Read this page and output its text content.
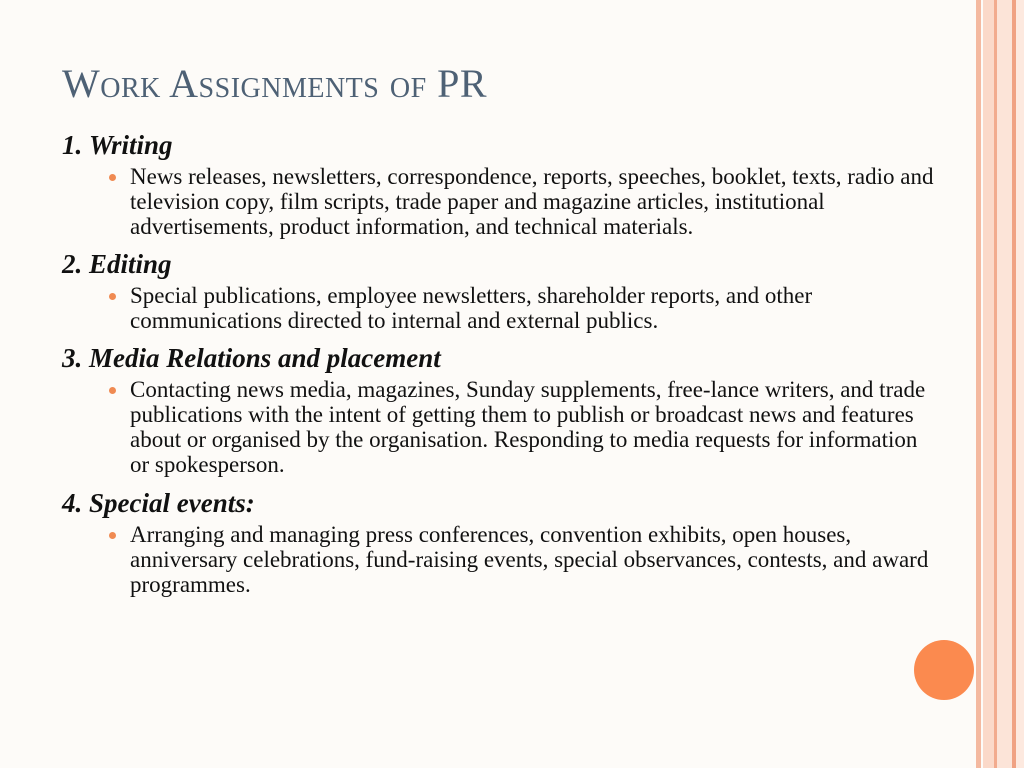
Work Assignments of PR
1. Writing
News releases, newsletters, correspondence, reports, speeches, booklet, texts, radio and television copy, film scripts, trade paper and magazine articles, institutional advertisements, product information, and technical materials.
2. Editing
Special publications, employee newsletters, shareholder reports, and other communications directed to internal and external publics.
3. Media Relations and placement
Contacting news media, magazines, Sunday supplements, free-lance writers, and trade publications with the intent of getting them to publish or broadcast news and features about or organised by the organisation. Responding to media requests for information or spokesperson.
4. Special events:
Arranging and managing press conferences, convention exhibits, open houses, anniversary celebrations, fund-raising events, special observances, contests, and award programmes.
